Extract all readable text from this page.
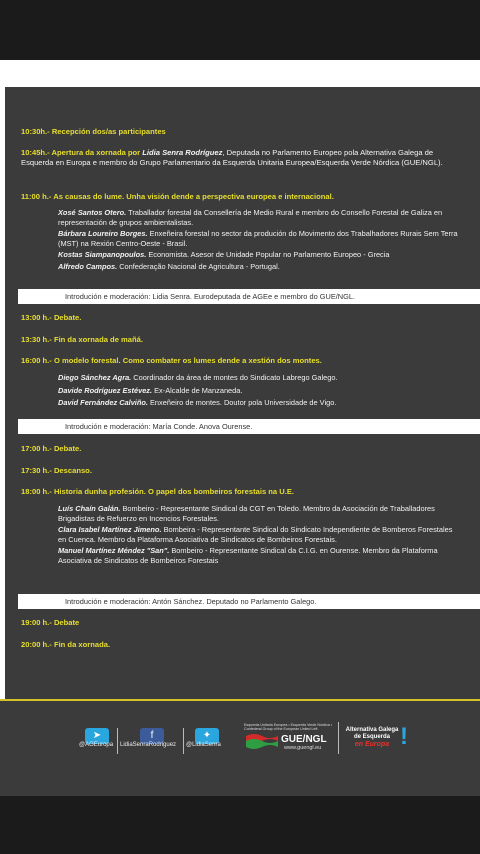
10:30h.- Recepción dos/as participantes
10:45h.- Apertura da xornada por Lidia Senra Rodríguez, Deputada no Parlamento Europeo pola Alternativa Galega de Esquerda en Europa e membro do Grupo Parlamentario da Esquerda Unitaria Europea/Esquerda Verde Nórdica (GUE/NGL).
11:00 h.- As causas do lume. Unha visión dende a perspectiva europea e internacional.
Xosé Santos Otero. Traballador forestal da Consellería de Medio Rural e membro do Consello Forestal de Galiza en representación de grupos ambientalistas.
Bárbara Loureiro Borges. Enxeñeira forestal no sector da produción do Movimento dos Trabalhadores Rurais Sem Terra (MST) na Rexión Centro-Oeste - Brasil.
Kostas Siampanopoulos. Economista. Asesor de Unidade Popular no Parlamento Europeo - Grecia
Alfredo Campos. Confederação Nacional de Agricultura - Portugal.
Introdución e moderación: Lidia Senra. Eurodeputada de AGEe e membro do GUE/NGL.
13:00 h.- Debate.
13:30 h.- Fin da xornada de mañá.
16:00 h.- O modelo forestal. Como combater os lumes dende a xestión dos montes.
Diego Sánchez Agra. Coordinador da área de montes do Sindicato Labrego Galego.
Davide Rodríguez Estévez. Ex-Alcalde de Manzaneda.
David Fernández Calviño. Enxeñeiro de montes. Doutor pola Universidade de Vigo.
Introdución e moderación: María Conde. Anova Ourense.
17:00 h.- Debate.
17:30 h.- Descanso.
18:00 h.- Historia dunha profesión. O papel dos bombeiros forestais na U.E.
Luís Chaín Galán. Bombeiro - Representante Sindical da CGT en Toledo. Membro da Asociación de Traballadores Brigadistas de Refuerzo en Incencios Forestales.
Clara Isabel Martínez Jimeno. Bombeira - Representante Sindical do Sindicato Independiente de Bomberos Forestales en Cuenca. Membro da Plataforma Asociativa de Sindicatos de Bombeiros Forestais.
Manuel Martínez Méndez "San". Bombeiro - Representante Sindical da C.I.G. en Ourense. Membro da Plataforma Asociativa de Sindicatos de Bombeiros Forestais
Introdución e moderación: Antón Sánchez. Deputado no Parlamento Galego.
19:00 h.- Debate
20:00 h.- Fin da xornada.
➤
@AGEuropa
f
LidiaSenraRodriguez
✦
@LidiaSenra
Esquerda Unitaria Europea • Esquerda Verde Nórdica • Confederal Group of the European United Left
GUE/NGL
www.guengl.eu
Alternativa Galega
de Esquerda
en Europa !
